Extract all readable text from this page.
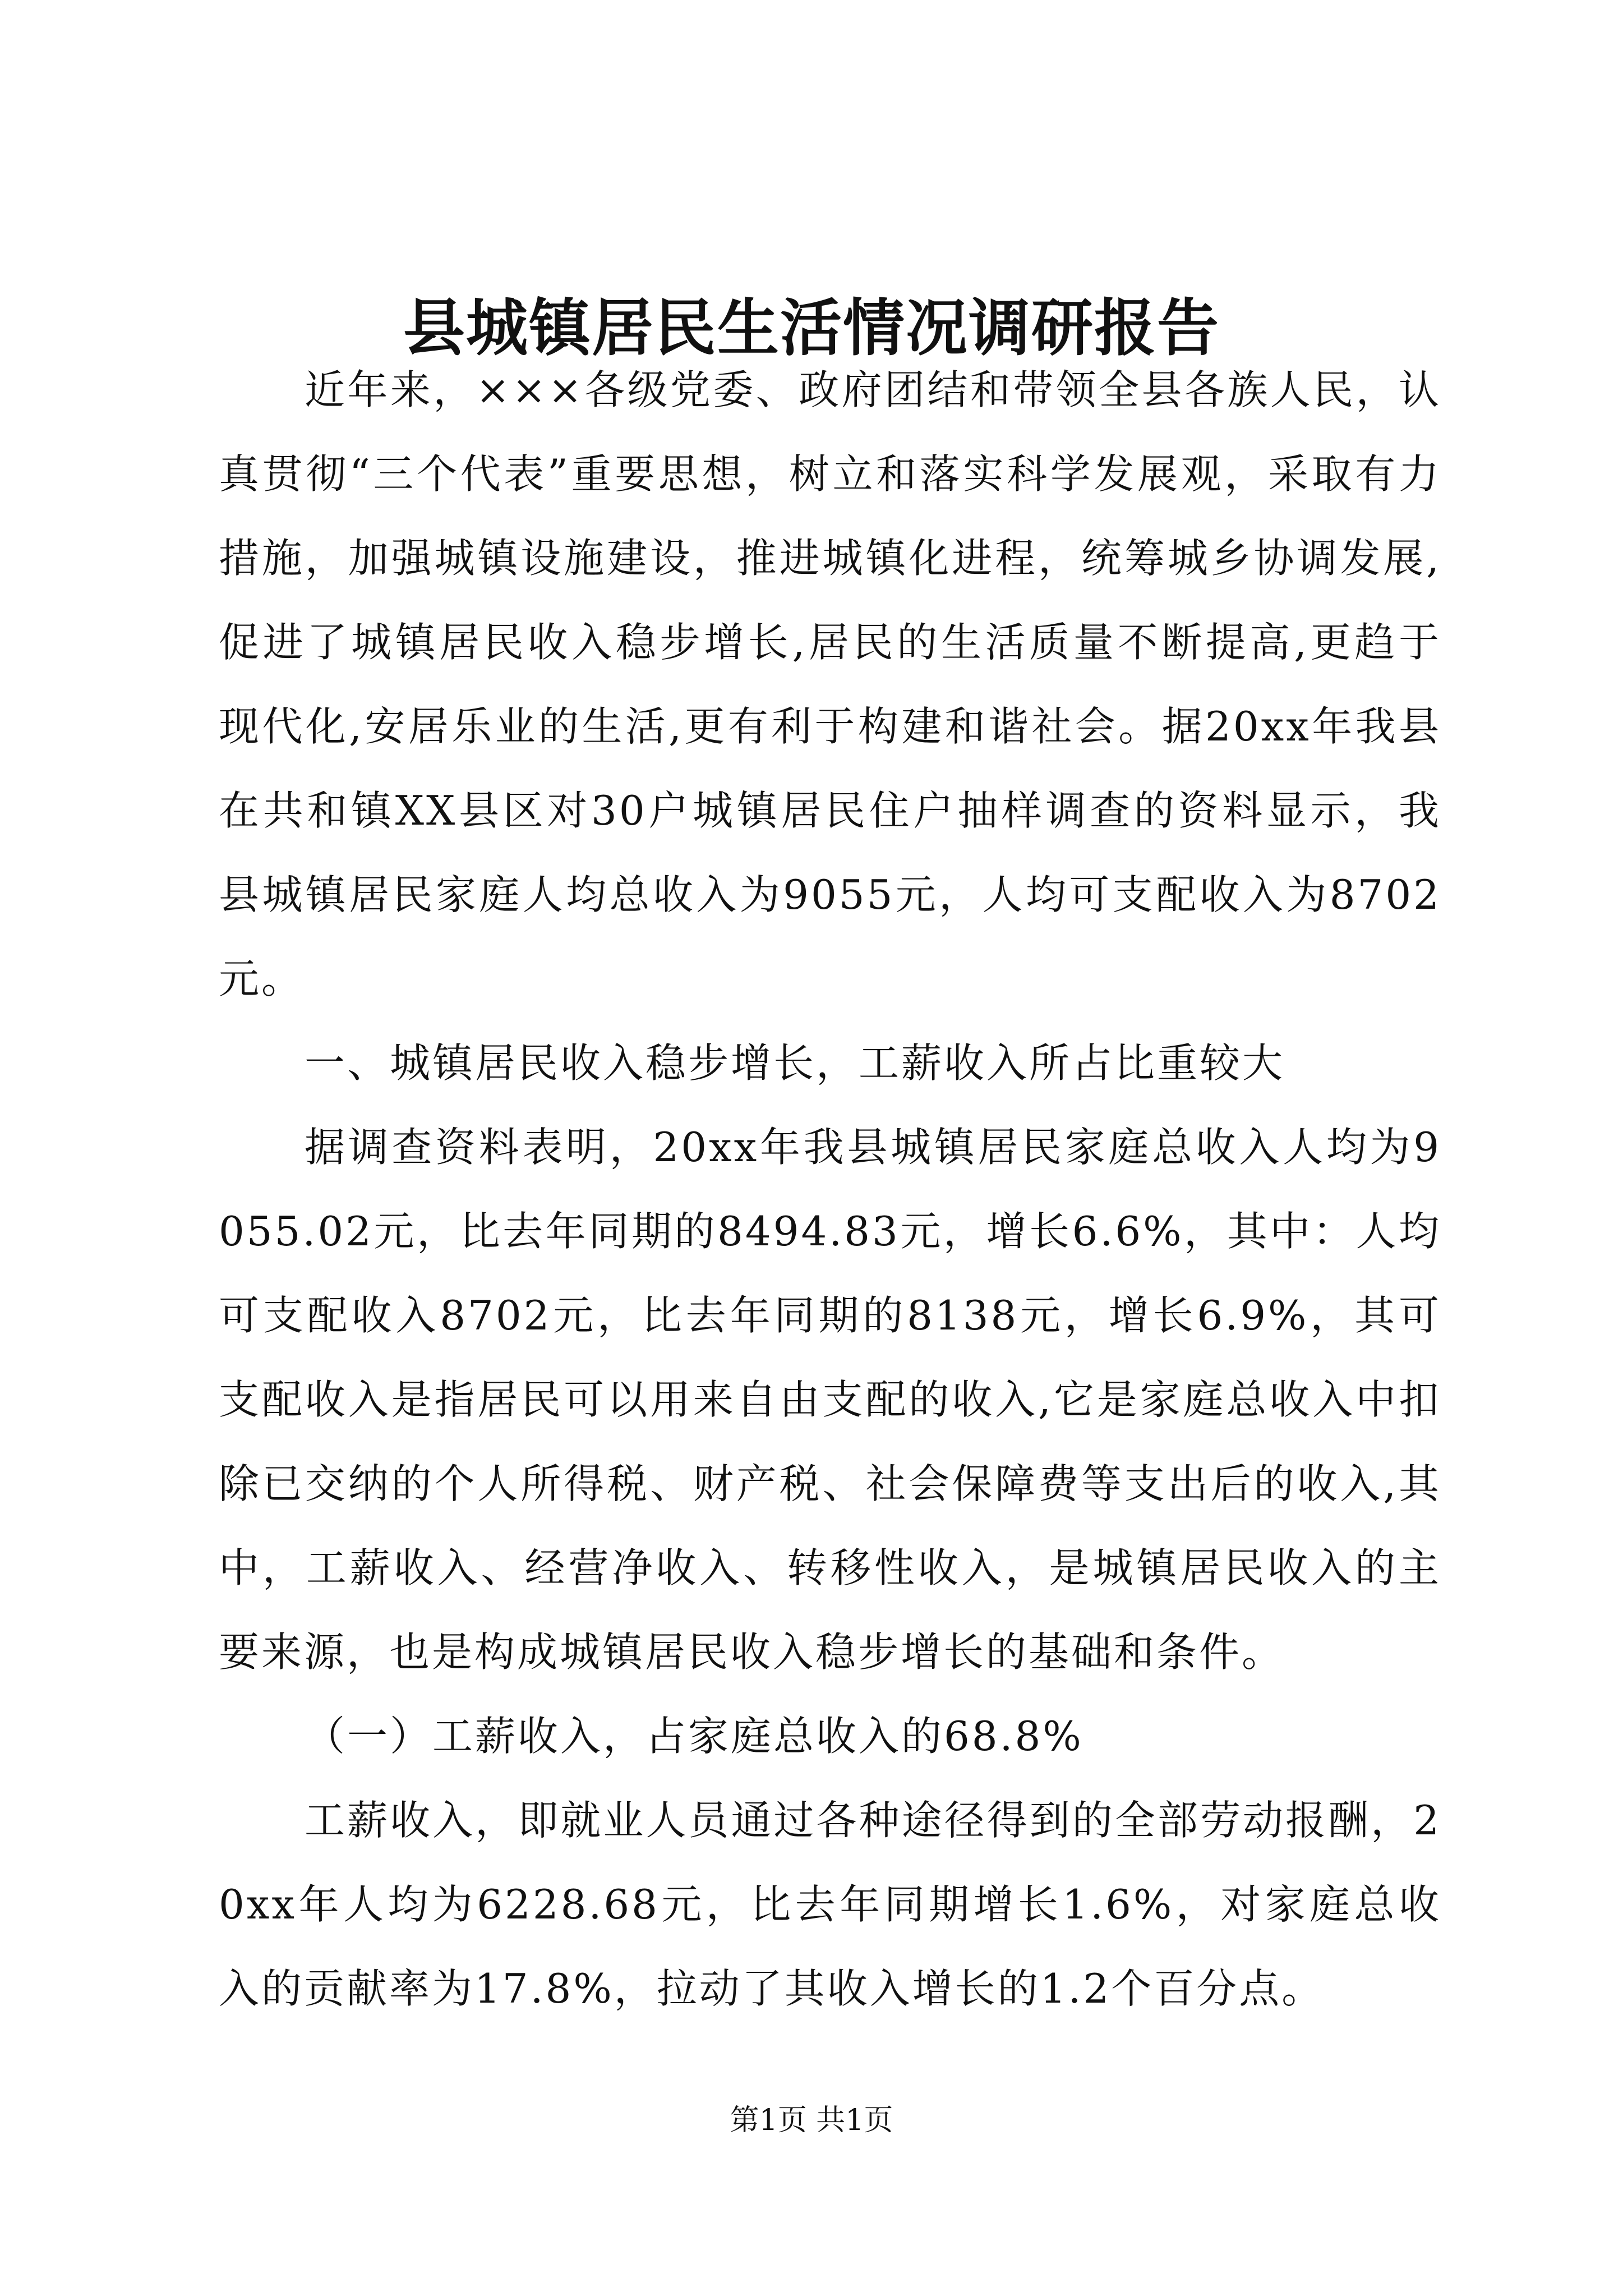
县城镇居民生活情况调研报告

近年来，×××各级党委、政府团结和带领全县各族人民，认真贯彻“三个代表”重要思想，树立和落实科学发展观，采取有力措施，加强城镇设施建设，推进城镇化进程，统筹城乡协调发展,促进了城镇居民收入稳步增长,居民的生活质量不断提高,更趋于现代化,安居乐业的生活,更有利于构建和谐社会。据20xx年我县在共和镇XX县区对30户城镇居民住户抽样调查的资料显示，我县城镇居民家庭人均总收入为9055元，人均可支配收入为8702元。

一、城镇居民收入稳步增长，工薪收入所占比重较大

据调查资料表明，20xx年我县城镇居民家庭总收入人均为9055.02元，比去年同期的8494.83元，增长6.6%，其中：人均可支配收入8702元，比去年同期的8138元，增长6.9%，其可支配收入是指居民可以用来自由支配的收入,它是家庭总收入中扣除已交纳的个人所得税、财产税、社会保障费等支出后的收入,其中，工薪收入、经营净收入、转移性收入，是城镇居民收入的主要来源，也是构成城镇居民收入稳步增长的基础和条件。

（一）工薪收入，占家庭总收入的68.8%

工薪收入，即就业人员通过各种途径得到的全部劳动报酬，20xx年人均为6228.68元，比去年同期增长1.6%，对家庭总收入的贡献率为17.8%，拉动了其收入增长的1.2个百分点。

第1页 共1页
